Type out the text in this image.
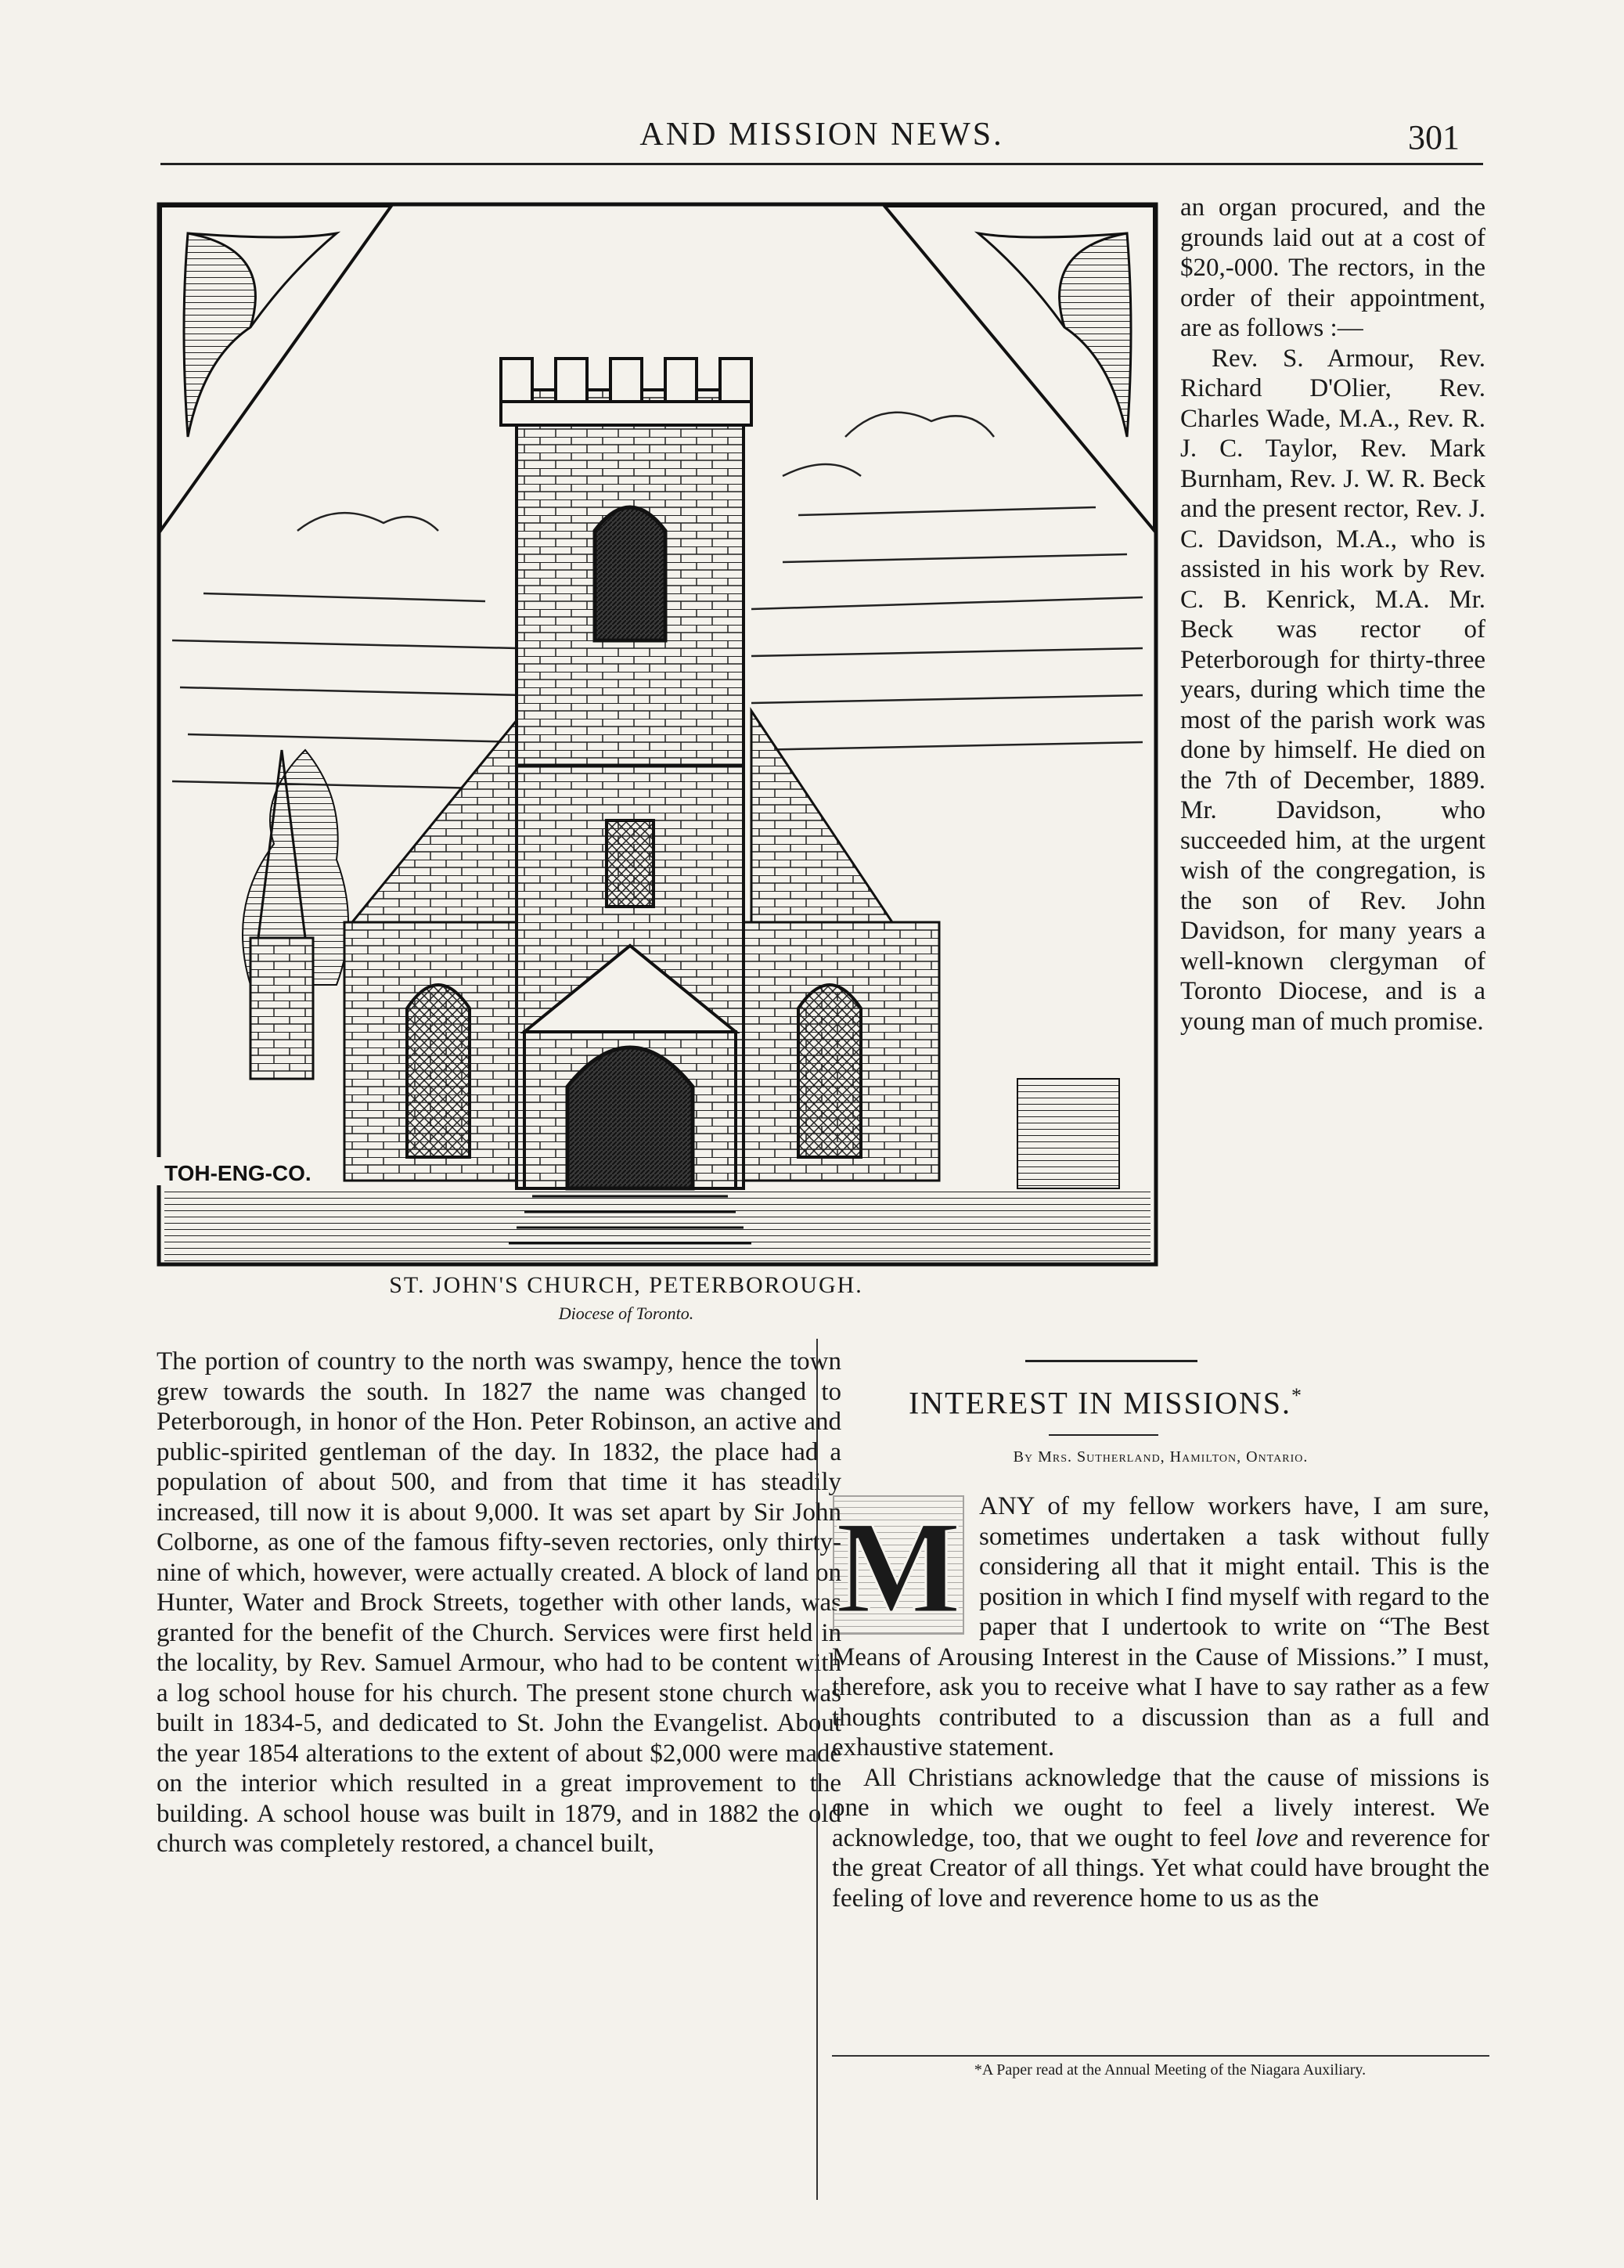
AND MISSION NEWS.	301
TOH-ENG-CO.
ST. JOHN'S CHURCH, PETERBOROUGH.
Diocese of Toronto.

an organ procured, and the grounds laid out at a cost of $20,-000. The rectors, in the order of their appointment, are as follows :—

Rev. S. Armour, Rev. Richard D'Olier, Rev. Charles Wade, M.A., Rev. R. J. C. Taylor, Rev. Mark Burnham, Rev. J. W. R. Beck and the present rector, Rev. J. C. Davidson, M.A., who is assisted in his work by Rev. C. B. Kenrick, M.A. Mr. Beck was rector of Peterborough for thirty-three years, during which time the most of the parish work was done by himself. He died on the 7th of December, 1889. Mr. Davidson, who succeeded him, at the urgent wish of the congregation, is the son of Rev. John Davidson, for many years a well-known clergyman of Toronto Diocese, and is a young man of much promise.

The portion of country to the north was swampy, hence the town grew towards the south. In 1827 the name was changed to Peterborough, in honor of the Hon. Peter Robinson, an active and public-spirited gentleman of the day. In 1832, the place had a population of about 500, and from that time it has steadily increased, till now it is about 9,000. It was set apart by Sir John Colborne, as one of the famous fifty-seven rectories, only thirty-nine of which, however, were actually created. A block of land on Hunter, Water and Brock Streets, together with other lands, was granted for the benefit of the Church. Services were first held in the locality, by Rev. Samuel Armour, who had to be content with a log school house for his church. The present stone church was built in 1834-5, and dedicated to St. John the Evangelist. About the year 1854 alterations to the extent of about $2,000 were made on the interior which resulted in a great improvement to the building. A school house was built in 1879, and in 1882 the old church was completely restored, a chancel built,

INTEREST IN MISSIONS.*
By Mrs. Sutherland, Hamilton, Ontario.
M ANY of my fellow workers have, I am sure, sometimes undertaken a task without fully considering all that it might entail. This is the position in which I find myself with regard to the paper that I undertook to write on “The Best Means of Arousing Interest in the Cause of Missions.” I must, therefore, ask you to receive what I have to say rather as a few thoughts contributed to a discussion than as a full and exhaustive statement.

All Christians acknowledge that the cause of missions is one in which we ought to feel a lively interest. We acknowledge, too, that we ought to feel love and reverence for the great Creator of all things. Yet what could have brought the feeling of love and reverence home to us as the

*A Paper read at the Annual Meeting of the Niagara Auxiliary.
